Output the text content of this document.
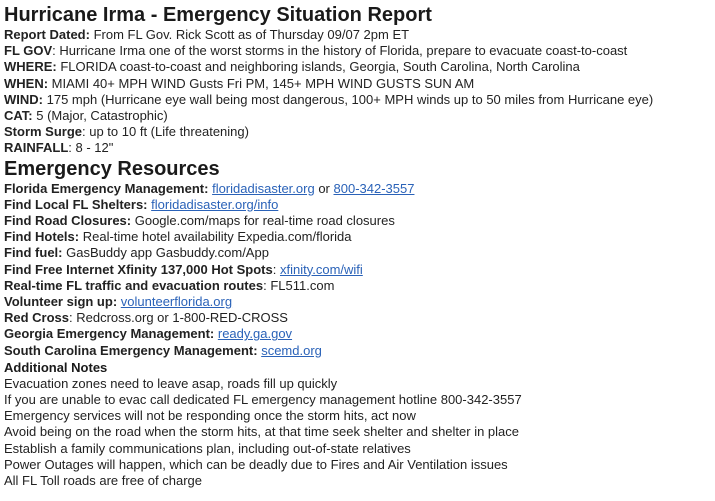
Hurricane Irma - Emergency Situation Report
Report Dated: From FL Gov. Rick Scott as of Thursday 09/07 2pm ET
FL GOV: Hurricane Irma one of the worst storms in the history of Florida, prepare to evacuate coast-to-coast
WHERE: FLORIDA coast-to-coast and neighboring islands, Georgia, South Carolina, North Carolina
WHEN: MIAMI 40+ MPH WIND Gusts Fri PM, 145+ MPH WIND GUSTS SUN AM
WIND: 175 mph (Hurricane eye wall being most dangerous, 100+ MPH winds up to 50 miles from Hurricane eye)
CAT: 5 (Major, Catastrophic)
Storm Surge: up to 10 ft (Life threatening)
RAINFALL: 8 - 12"
Emergency Resources
Florida Emergency Management: floridadisaster.org or 800-342-3557
Find Local FL Shelters: floridadisaster.org/info
Find Road Closures: Google.com/maps for real-time road closures
Find Hotels: Real-time hotel availability Expedia.com/florida
Find fuel: GasBuddy app Gasbuddy.com/App
Find Free Internet Xfinity 137,000 Hot Spots: xfinity.com/wifi
Real-time FL traffic and evacuation routes: FL511.com
Volunteer sign up: volunteerflorida.org
Red Cross: Redcross.org or 1-800-RED-CROSS
Georgia Emergency Management: ready.ga.gov
South Carolina Emergency Management: scemd.org
Additional Notes
Evacuation zones need to leave asap, roads fill up quickly
If you are unable to evac call dedicated FL emergency management hotline 800-342-3557
Emergency services will not be responding once the storm hits, act now
Avoid being on the road when the storm hits, at that time seek shelter and shelter in place
Establish a family communications plan, including out-of-state relatives
Power Outages will happen, which can be deadly due to Fires and Air Ventilation issues
All FL Toll roads are free of charge
